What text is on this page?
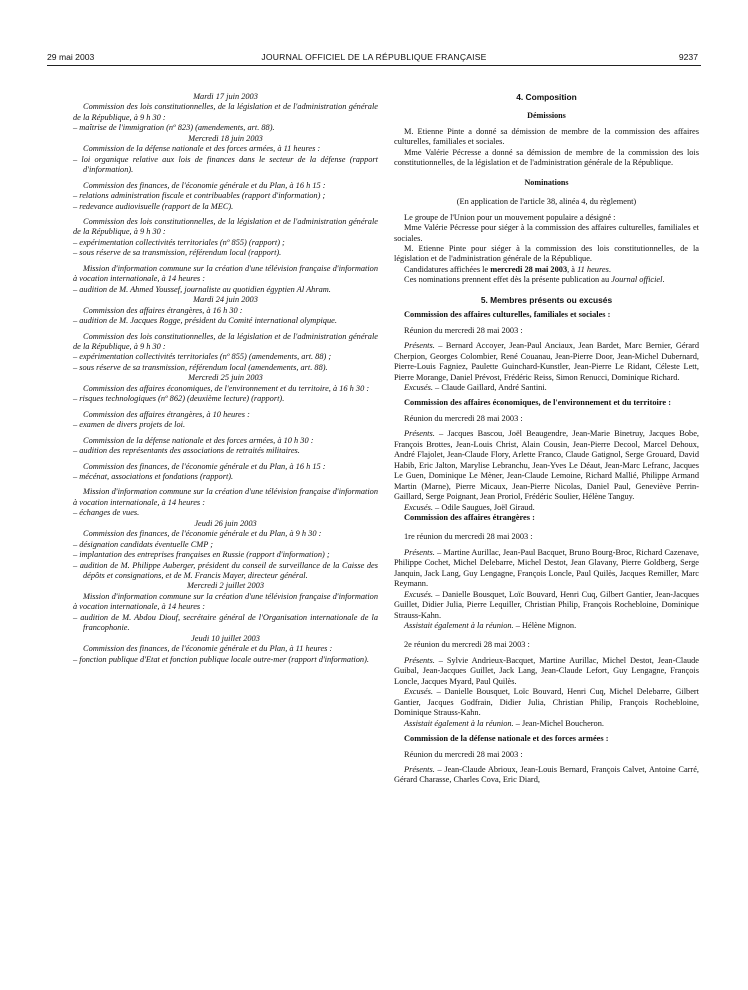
29 mai 2003	JOURNAL OFFICIEL DE LA RÉPUBLIQUE FRANÇAISE	9237

Mardi 17 juin 2003

Commission des lois constitutionnelles, de la législation et de l'administration générale de la République, à 9 h 30 :

– maîtrise de l'immigration (nº 823) (amendements, art. 88).

Mercredi 18 juin 2003

Commission de la défense nationale et des forces armées, à 11 heures :

– loi organique relative aux lois de finances dans le secteur de la défense (rapport d'information).

Commission des finances, de l'économie générale et du Plan, à 16 h 15 :

– relations administration fiscale et contribuables (rapport d'information) ;

– redevance audiovisuelle (rapport de la MEC).

Commission des lois constitutionnelles, de la législation et de l'administration générale de la République, à 9 h 30 :

– expérimentation collectivités territoriales (nº 855) (rapport) ;

– sous réserve de sa transmission, référendum local (rapport).

Mission d'information commune sur la création d'une télévision française d'information à vocation internationale, à 14 heures :

– audition de M. Ahmed Youssef, journaliste au quotidien égyptien Al Ahram.

Mardi 24 juin 2003

Commission des affaires étrangères, à 16 h 30 :

– audition de M. Jacques Rogge, président du Comité international olympique.

Commission des lois constitutionnelles, de la législation et de l'administration générale de la République, à 9 h 30 :

– expérimentation collectivités territoriales (nº 855) (amendements, art. 88) ;

– sous réserve de sa transmission, référendum local (amendements, art. 88).

Mercredi 25 juin 2003

Commission des affaires économiques, de l'environnement et du territoire, à 16 h 30 :

– risques technologiques (nº 862) (deuxième lecture) (rapport).

Commission des affaires étrangères, à 10 heures :

– examen de divers projets de loi.

Commission de la défense nationale et des forces armées, à 10 h 30 :

– audition des représentants des associations de retraités militaires.

Commission des finances, de l'économie générale et du Plan, à 16 h 15 :

– mécénat, associations et fondations (rapport).

Mission d'information commune sur la création d'une télévision française d'information à vocation internationale, à 14 heures :

– échanges de vues.

Jeudi 26 juin 2003

Commission des finances, de l'économie générale et du Plan, à 9 h 30 :

– désignation candidats éventuelle CMP ;

– implantation des entreprises françaises en Russie (rapport d'information) ;

– audition de M. Philippe Auberger, président du conseil de surveillance de la Caisse des dépôts et consignations, et de M. Francis Mayer, directeur général.

Mercredi 2 juillet 2003

Mission d'information commune sur la création d'une télévision française d'information à vocation internationale, à 14 heures :

– audition de M. Abdou Diouf, secrétaire général de l'Organisation internationale de la francophonie.

Jeudi 10 juillet 2003

Commission des finances, de l'économie générale et du Plan, à 11 heures :

– fonction publique d'Etat et fonction publique locale outre-mer (rapport d'information).

4. Composition

Démissions

M. Etienne Pinte a donné sa démission de membre de la commission des affaires culturelles, familiales et sociales.

Mme Valérie Pécresse a donné sa démission de membre de la commission des lois constitutionnelles, de la législation et de l'administration générale de la République.

Nominations

(En application de l'article 38, alinéa 4, du règlement)

Le groupe de l'Union pour un mouvement populaire a désigné :

Mme Valérie Pécresse pour siéger à la commission des affaires culturelles, familiales et sociales.

M. Etienne Pinte pour siéger à la commission des lois constitutionnelles, de la législation et de l'administration générale de la République.

Candidatures affichées le mercredi 28 mai 2003, à 11 heures.

Ces nominations prennent effet dès la présente publication au Journal officiel.

5. Membres présents ou excusés

Commission des affaires culturelles, familiales et sociales :

Réunion du mercredi 28 mai 2003 :

Présents. – Bernard Accoyer, Jean-Paul Anciaux, Jean Bardet, Marc Bernier, Gérard Cherpion, Georges Colombier, René Couanau, Jean-Pierre Door, Jean-Michel Dubernard, Pierre-Louis Fagniez, Paulette Guinchard-Kunstler, Jean-Pierre Le Ridant, Céleste Lett, Pierre Morange, Daniel Prévost, Frédéric Reiss, Simon Renucci, Dominique Richard.

Excusés. – Claude Gaillard, André Santini.

Commission des affaires économiques, de l'environnement et du territoire :

Réunion du mercredi 28 mai 2003 :

Présents. – Jacques Bascou, Joël Beaugendre, Jean-Marie Binetruy, Jacques Bobe, François Brottes, Jean-Louis Christ, Alain Cousin, Jean-Pierre Decool, Marcel Dehoux, André Flajolet, Jean-Claude Flory, Arlette Franco, Claude Gatignol, Serge Grouard, David Habib, Eric Jalton, Marylise Lebranchu, Jean-Yves Le Déaut, Jean-Marc Lefranc, Jacques Le Guen, Dominique Le Mèner, Jean-Claude Lemoine, Richard Mallié, Philippe Armand Martin (Marne), Pierre Micaux, Jean-Pierre Nicolas, Daniel Paul, Geneviève Perrin-Gaillard, Serge Poignant, Jean Proriol, Frédéric Soulier, Hélène Tanguy.

Excusés. – Odile Saugues, Joël Giraud.

Commission des affaires étrangères :

1re réunion du mercredi 28 mai 2003 :

Présents. – Martine Aurillac, Jean-Paul Bacquet, Bruno Bourg-Broc, Richard Cazenave, Philippe Cochet, Michel Delebarre, Michel Destot, Jean Glavany, Pierre Goldberg, Serge Janquin, Jack Lang, Guy Lengagne, François Loncle, Paul Quilès, Jacques Remiller, Marc Reymann.

Excusés. – Danielle Bousquet, Loïc Bouvard, Henri Cuq, Gilbert Gantier, Jean-Jacques Guillet, Didier Julia, Pierre Lequiller, Christian Philip, François Rochebloine, Dominique Strauss-Kahn.

Assistait également à la réunion. – Hélène Mignon.

2e réunion du mercredi 28 mai 2003 :

Présents. – Sylvie Andrieux-Bacquet, Martine Aurillac, Michel Destot, Jean-Claude Guibal, Jean-Jacques Guillet, Jack Lang, Jean-Claude Lefort, Guy Lengagne, François Loncle, Jacques Myard, Paul Quilès.

Excusés. – Danielle Bousquet, Loïc Bouvard, Henri Cuq, Michel Delebarre, Gilbert Gantier, Jacques Godfrain, Didier Julia, Christian Philip, François Rochebloine, Dominique Strauss-Kahn.

Assistait également à la réunion. – Jean-Michel Boucheron.

Commission de la défense nationale et des forces armées :

Réunion du mercredi 28 mai 2003 :

Présents. – Jean-Claude Abrioux, Jean-Louis Bernard, François Calvet, Antoine Carré, Gérard Charasse, Charles Cova, Eric Diard,
